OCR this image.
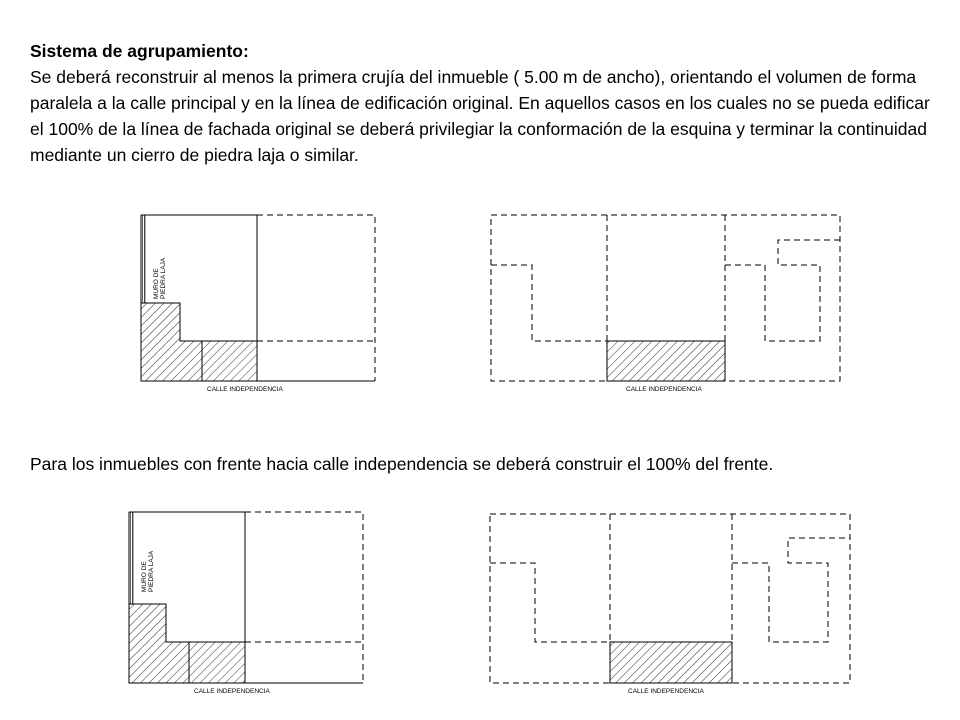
Sistema de agrupamiento:
Se deberá reconstruir al menos la primera crujía del inmueble ( 5.00 m de ancho), orientando el volumen de forma paralela a la calle principal y en la línea de edificación original. En aquellos casos en los cuales no se pueda edificar el 100% de la línea de fachada original se deberá privilegiar la conformación de la esquina y terminar la continuidad mediante un cierro de piedra laja o similar.
Para los inmuebles con frente hacia calle independencia se deberá construir el 100% del frente.
MURO DE PIEDRA LAJA
CALLE INDEPENDENCIA	CALLE INDEPENDENCIA
MURO DE PIEDRA LAJA
CALLE INDEPENDENCIA	CALLE INDEPENDENCIA
